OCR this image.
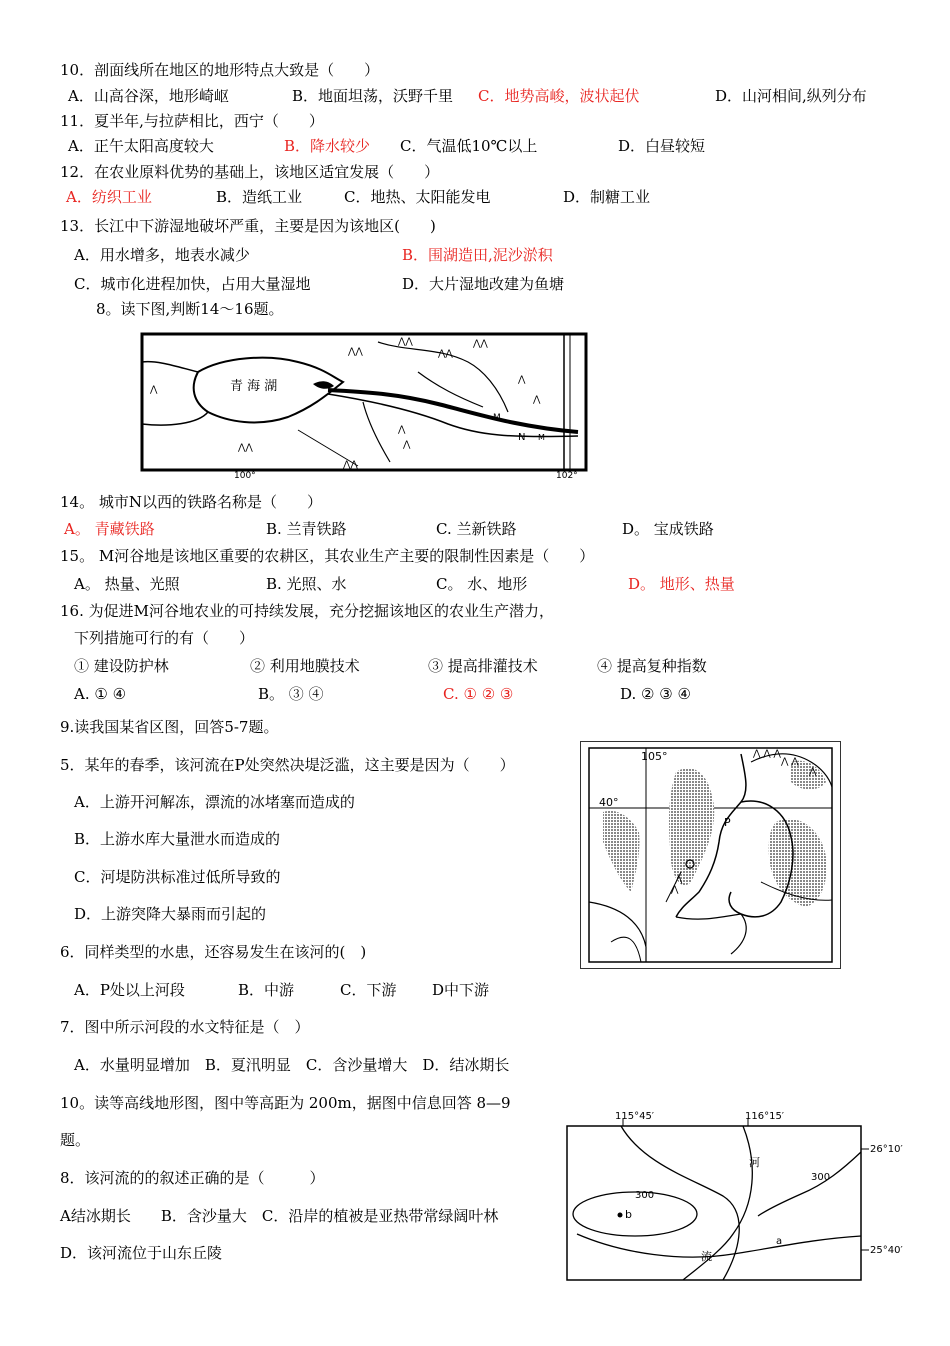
10．剖面线所在地区的地形特点大致是（　　）
A．山高谷深，地形崎岖	B．地面坦荡，沃野千里 C．地势高峻，波状起伏	D．山河相间,纵列分布
11．夏半年,与拉萨相比，西宁（　　）
A．正午太阳高度较大	B．降水较少 C．气温低10℃以上	D．白昼较短
12．在农业原料优势的基础上，该地区适宜发展（　　）
A．纺织工业	B．造纸工业	C．地热、太阳能发电	D．制糖工业
13．长江中下游湿地破坏严重，主要是因为该地区(　　)
A．用水增多，地表水减少	B．围湖造田,泥沙淤积
C．城市化进程加快，占用大量湿地	D．大片湿地改建为鱼塘
8。读下图,判断14～16题。
⋀⋀
⋀⋀
⋀⋀
⋀⋀
⋀
⋀
⋀
⋀
⋀⋀
⋀⋀
⋀	青 海 湖
M
N M
100°	102°
14。 城市N以西的铁路名称是（　　）
A。 青藏铁路	B. 兰青铁路	C. 兰新铁路	D。 宝成铁路
15。 M河谷地是该地区重要的农耕区，其农业生产主要的限制性因素是（　　）
A。 热量、光照	B. 光照、水	C。 水、地形	D。 地形、热量
16. 为促进M河谷地农业的可持续发展，充分挖掘该地区的农业生产潜力，
下列措施可行的有（　　）
① 建设防护林	② 利用地膜技术	③ 提高排灌技术	④ 提高复种指数
A. ① ④	B。 ③ ④	C. ① ② ③	D. ② ③ ④
9.读我国某省区图，回答5-7题。
⋀ ⋀ ⋀
⋀ ⋀
⋀
⋀
⋀
105°
40°
P
5．某年的春季，该河流在P处突然决堤泛滥，这主要是因为（　　）
A．上游开河解冻，漂流的冰堵塞而造成的
B．上游水库大量泄水而造成的
C．河堤防洪标准过低所导致的
D．上游突降大暴雨而引起的
6．同样类型的水患，还容易发生在该河的(　)
A．P处以上河段	B．中游	C．下游 D中下游
7．图中所示河段的水文特征是（　）
A．水量明显增加　B．夏汛明显　C．含沙量增大　D．结冰期长
10。读等高线地形图，图中等高距为 200m，据图中信息回答 8—9
题。
115°45′	116°15′
26°10′
25°40′
300
300
河
流
a
b
8．该河流的的叙述正确的是（　　　）
A结冰期长　　B．含沙量大　C．沿岸的植被是亚热带常绿阔叶林
D．该河流位于山东丘陵
